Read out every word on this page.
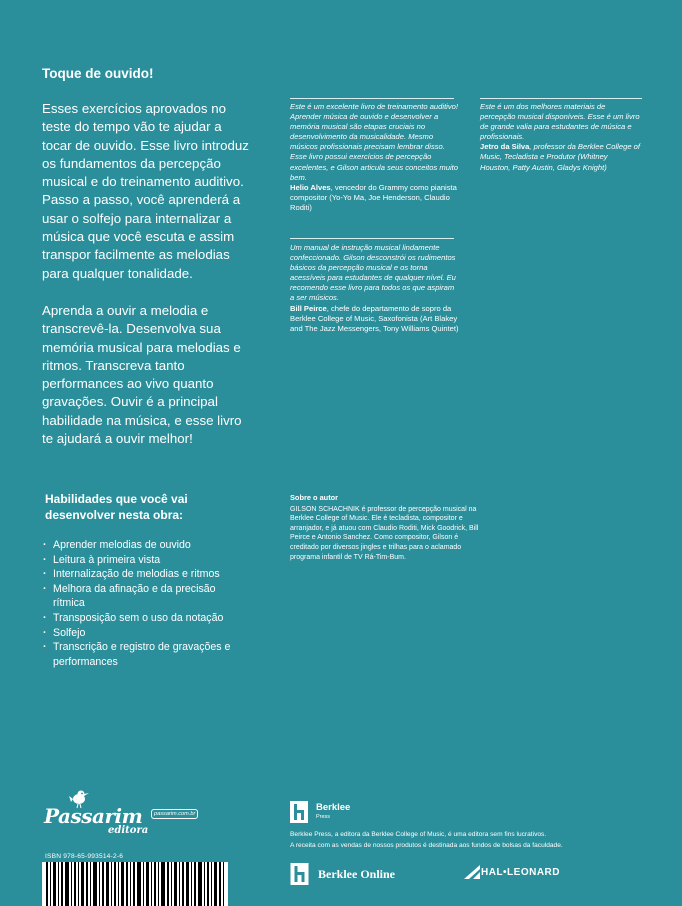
Toque de ouvido!

Esses exercícios aprovados no teste do tempo vão te ajudar a tocar de ouvido. Esse livro introduz os fundamentos da percepção musical e do treinamento auditivo. Passo a passo, você aprenderá a usar o solfejo para internalizar a música que você escuta e assim transpor facilmente as melodias para qualquer tonalidade.

Aprenda a ouvir a melodia e transcrevê-la. Desenvolva sua memória musical para melodias e ritmos. Transcreva tanto performances ao vivo quanto gravações. Ouvir é a principal habilidade na música, e esse livro te ajudará a ouvir melhor!

Este é um excelente livro de treinamento auditivo! Aprender música de ouvido e desenvolver a memória musical são etapas cruciais no desenvolvimento da musicalidade. Mesmo músicos profissionais precisam lembrar disso. Esse livro possui exercícios de percepção excelentes, e Gilson articula seus conceitos muito bem.
Helio Alves, vencedor do Grammy como pianista compositor (Yo-Yo Ma, Joe Henderson, Claudio Roditi)
Um manual de instrução musical lindamente confeccionado. Gilson desconstrói os rudimentos básicos da percepção musical e os torna acessíveis para estudantes de qualquer nível. Eu recomendo esse livro para todos os que aspiram a ser músicos.
Bill Peirce, chefe do departamento de sopro da Berklee College of Music, Saxofonista (Art Blakey and The Jazz Messengers, Tony Williams Quintet)
Este é um dos melhores materiais de percepção musical disponíveis. Esse é um livro de grande valia para estudantes de música e profissionais.
Jetro da Silva, professor da Berklee College of Music, Tecladista e Produtor (Whitney Houston, Patty Austin, Gladys Knight)
Habilidades que você vai desenvolver nesta obra:
· Aprender melodias de ouvido
· Leitura à primeira vista
· Internalização de melodias e ritmos
· Melhora da afinação e da precisão rítmica
· Transposição sem o uso da notação
· Solfejo
· Transcrição e registro de gravações e performances
Sobre o autor
GILSON SCHACHNIK é professor de percepção musical na Berklee College of Music. Ele é tecladista, compositor e arranjador, e já atuou com Claudio Roditi, Mick Goodrick, Bill Peirce e Antonio Sanchez. Como compositor, Gilson é creditado por diversos jingles e trilhas para o aclamado programa infantil de TV Rá-Tim-Bum.
Passarim
editora
passarim.com.br
ISBN 978-65-993514-2-6
Berklee
Press
Berklee Press, a editora da Berklee College of Music, é uma editora sem fins lucrativos.
A receita com as vendas de nossos produtos é destinada aos fundos de bolsas da faculdade.
Berklee Online	HAL•LEONARD
